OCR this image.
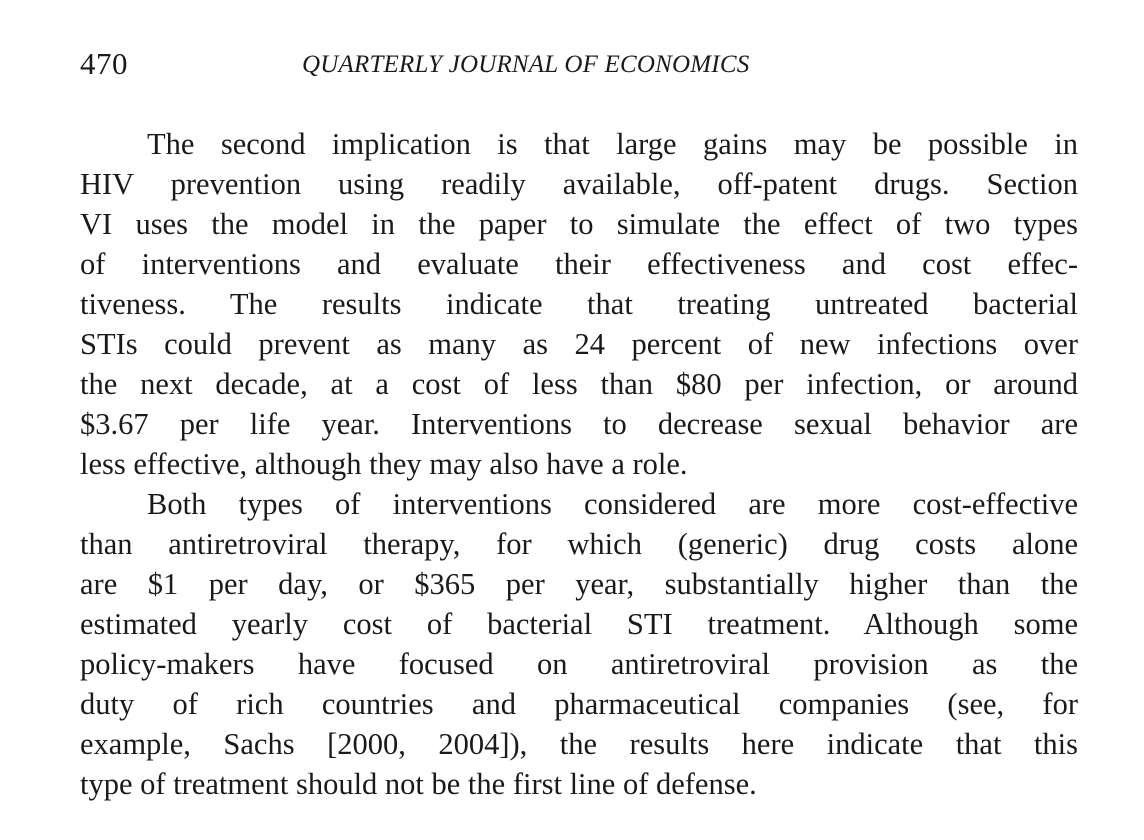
470	QUARTERLY JOURNAL OF ECONOMICS
The second implication is that large gains may be possible in
HIV prevention using readily available, off-patent drugs. Section
VI uses the model in the paper to simulate the effect of two types
of interventions and evaluate their effectiveness and cost effec-
tiveness. The results indicate that treating untreated bacterial
STIs could prevent as many as 24 percent of new infections over
the next decade, at a cost of less than $80 per infection, or around
$3.67 per life year. Interventions to decrease sexual behavior are
less effective, although they may also have a role.
Both types of interventions considered are more cost-effective
than antiretroviral therapy, for which (generic) drug costs alone
are $1 per day, or $365 per year, substantially higher than the
estimated yearly cost of bacterial STI treatment. Although some
policy-makers have focused on antiretroviral provision as the
duty of rich countries and pharmaceutical companies (see, for
example, Sachs [2000, 2004]), the results here indicate that this
type of treatment should not be the first line of defense.
